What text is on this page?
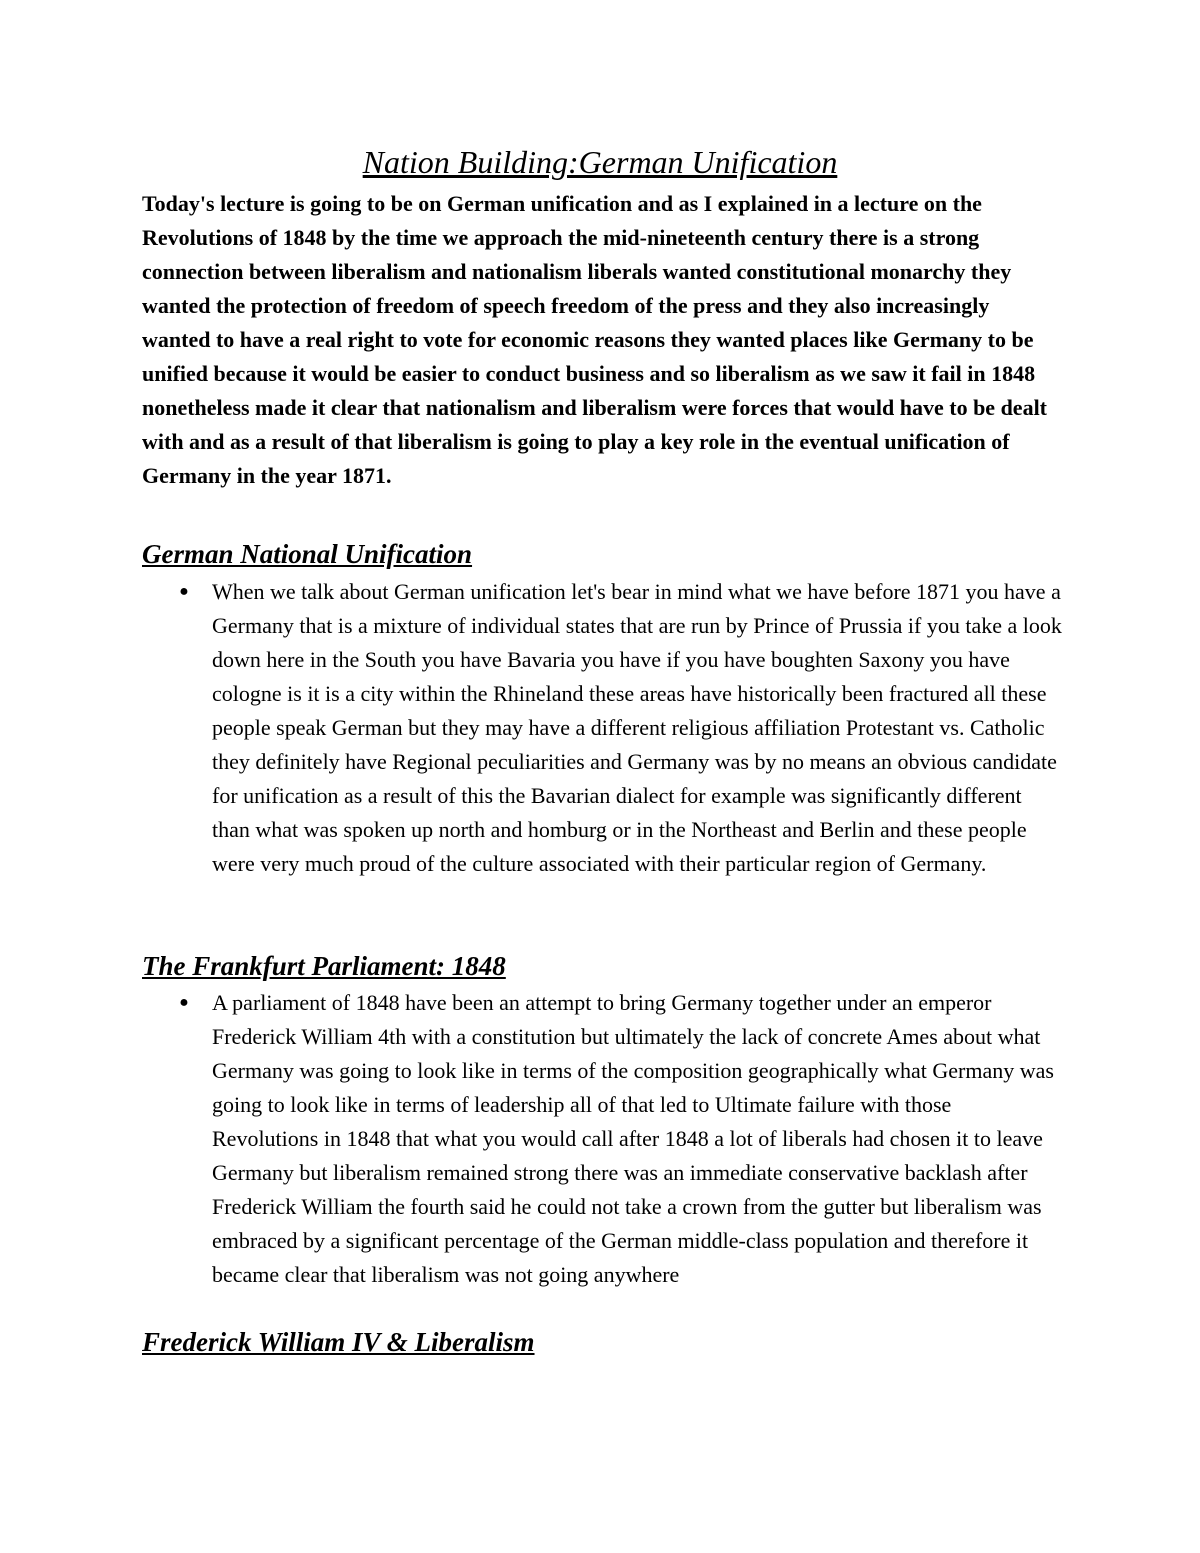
Nation Building:German Unification

Today's lecture is going to be on German unification and as I explained in a lecture on the Revolutions of 1848 by the time we approach the mid-nineteenth century there is a strong connection between liberalism and nationalism liberals wanted constitutional monarchy they wanted the protection of freedom of speech freedom of the press and they also increasingly wanted to have a real right to vote for economic reasons they wanted places like Germany to be unified because it would be easier to conduct business and so liberalism as we saw it fail in 1848 nonetheless made it clear that nationalism and liberalism were forces that would have to be dealt with and as a result of that liberalism is going to play a key role in the eventual unification of Germany in the year 1871.

German National Unification
● When we talk about German unification let's bear in mind what we have before 1871 you have a Germany that is a mixture of individual states that are run by Prince of Prussia if you take a look down here in the South you have Bavaria you have if you have boughten Saxony you have cologne is it is a city within the Rhineland these areas have historically been fractured all these people speak German but they may have a different religious affiliation Protestant vs. Catholic they definitely have Regional peculiarities and Germany was by no means an obvious candidate for unification as a result of this the Bavarian dialect for example was significantly different than what was spoken up north and homburg or in the Northeast and Berlin and these people were very much proud of the culture associated with their particular region of Germany.
The Frankfurt Parliament: 1848
● A parliament of 1848 have been an attempt to bring Germany together under an emperor Frederick William 4th with a constitution but ultimately the lack of concrete Ames about what Germany was going to look like in terms of the composition geographically what Germany was going to look like in terms of leadership all of that led to Ultimate failure with those Revolutions in 1848 that what you would call after 1848 a lot of liberals had chosen it to leave Germany but liberalism remained strong there was an immediate conservative backlash after Frederick William the fourth said he could not take a crown from the gutter but liberalism was embraced by a significant percentage of the German middle-class population and therefore it became clear that liberalism was not going anywhere
Frederick William IV & Liberalism
